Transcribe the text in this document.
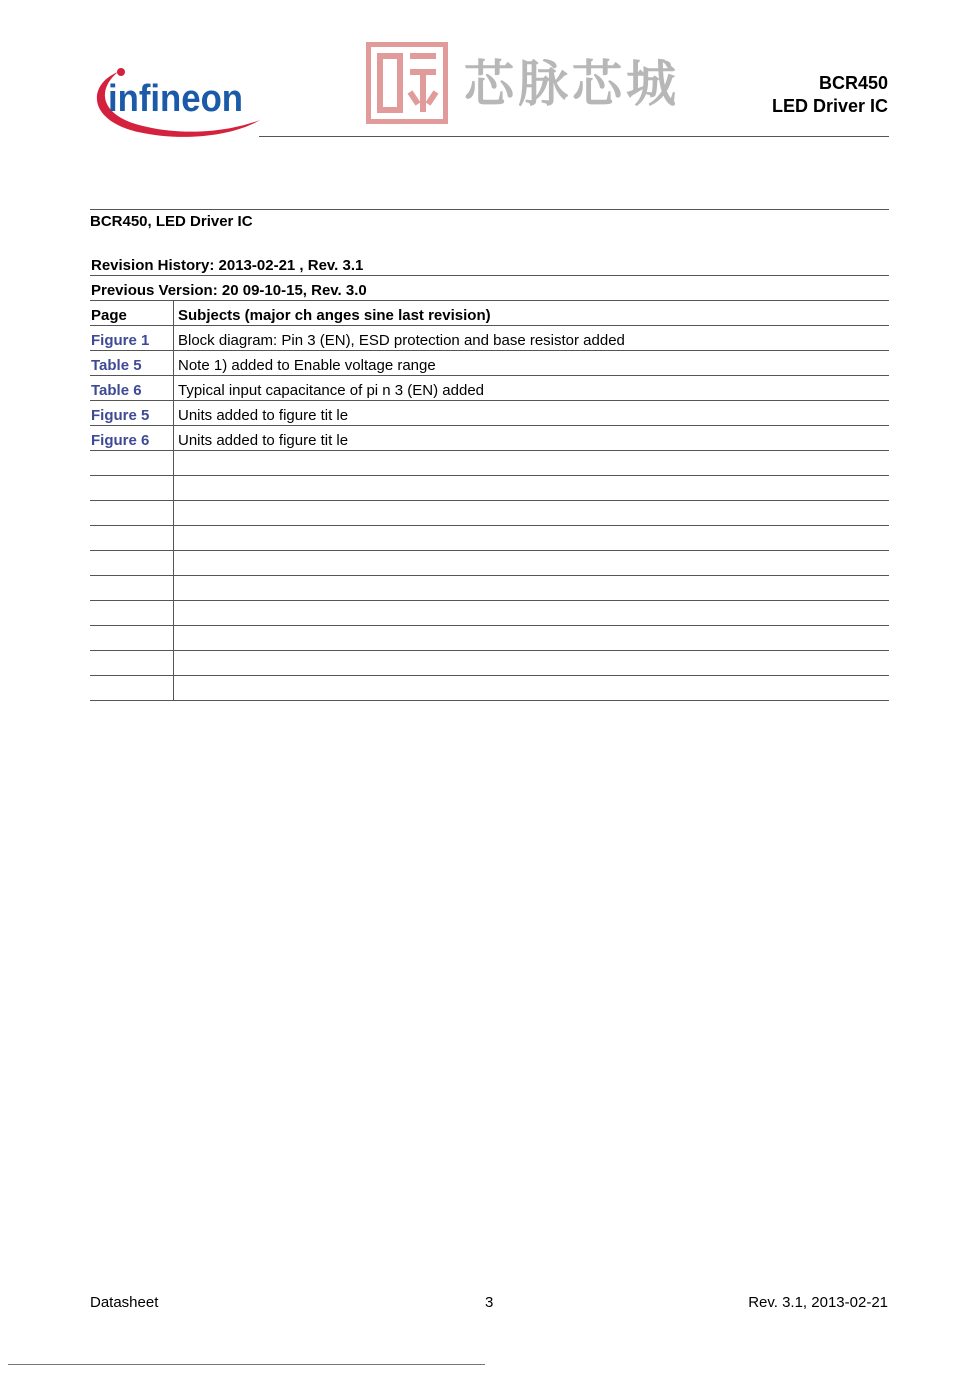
infineon	芯脉芯城	BCR450
LED Driver IC
BCR450, LED Driver IC
Revision History: 2013-02-21 , Rev. 3.1	
Previous Version: 20 09-10-15, Rev. 3.0	
Page	Subjects (major ch anges sine last revision)
Figure 1	Block diagram: Pin 3 (EN), ESD protection and base resistor added
Table 5	Note 1) added to Enable voltage range
Table 6	Typical input capacitance of pi n 3 (EN) added
Figure 5	Units added to figure tit le
Figure 6	Units added to figure tit le

Datasheet	3	Rev. 3.1, 2013-02-21
